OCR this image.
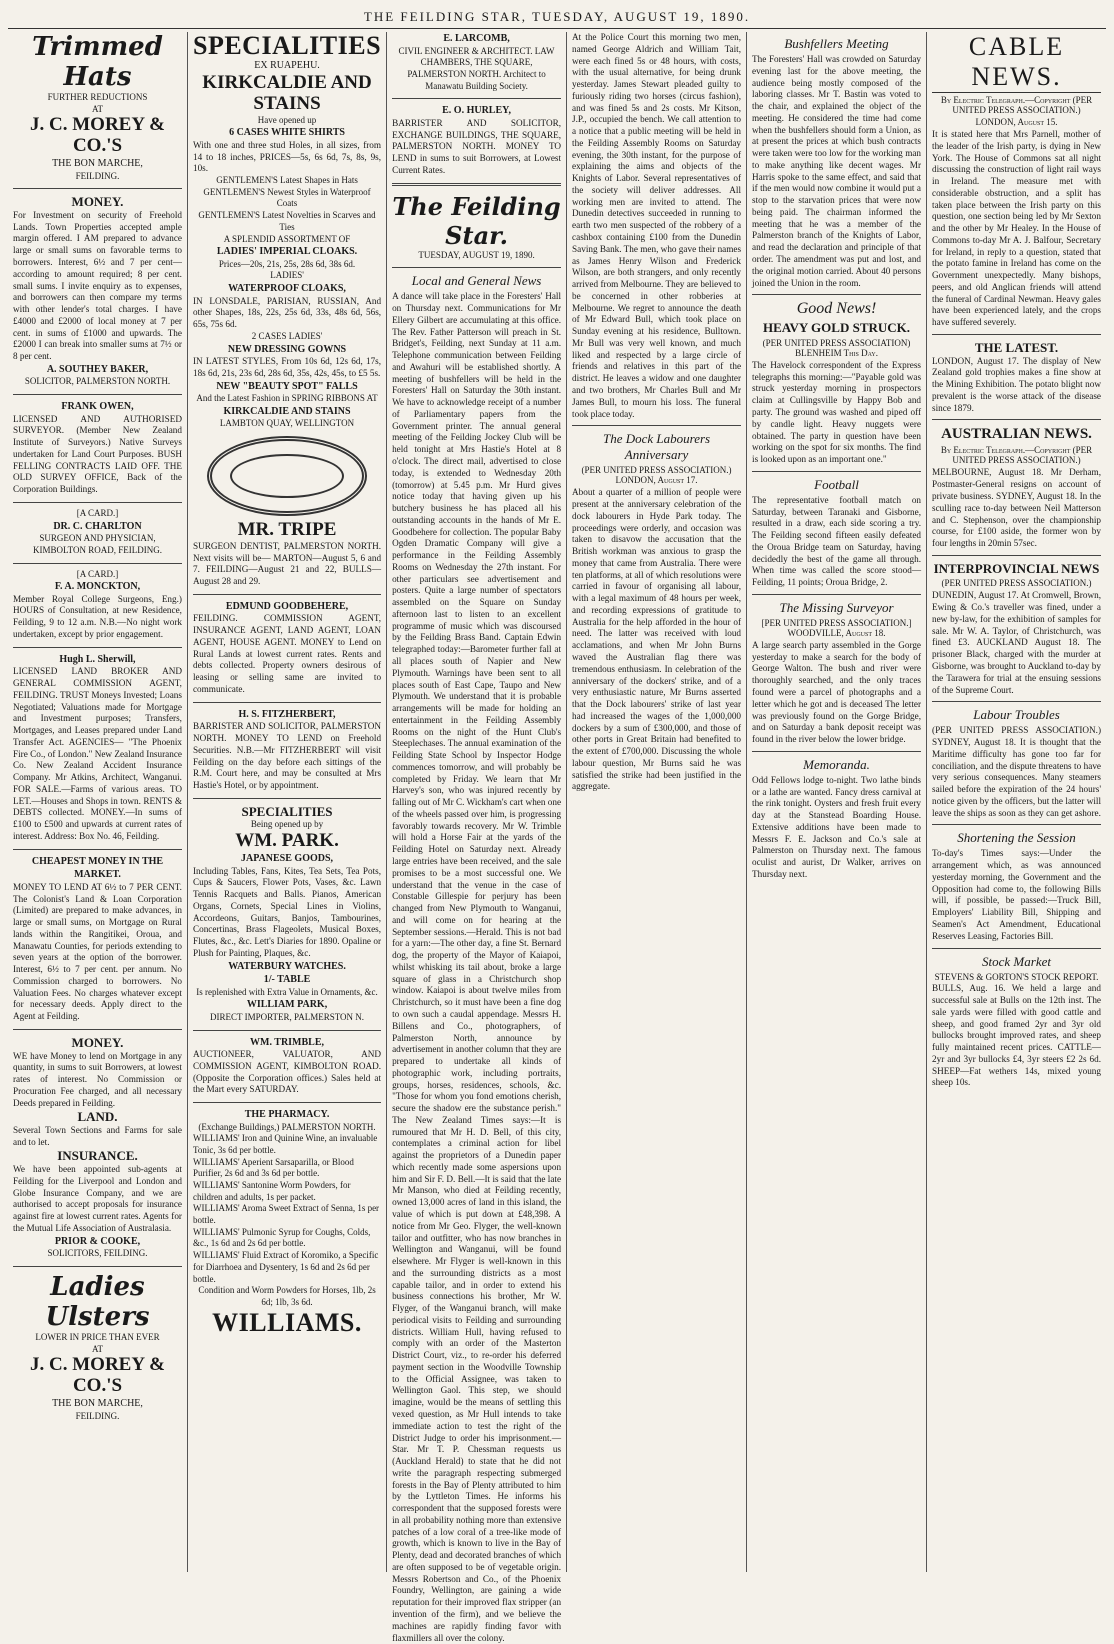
THE FEILDING STAR, TUESDAY, AUGUST 19, 1890.
Trimmed Hats
FURTHER REDUCTIONS
AT
J. C. MOREY & CO.'S
THE BON MARCHE,
FEILDING.
MONEY.
For Investment on security of Freehold Lands. Town Properties accepted ample margin offered. I AM prepared to advance large or small sums on favorable terms to borrowers. Interest, 6½ and 7 per cent—according to amount required; 8 per cent. small sums. I invite enquiry as to expenses, and borrowers can then compare my terms with other lender's total charges. I have £4000 and £2000 of local money at 7 per cent. in sums of £1000 and upwards. The £2000 I can break into smaller sums at 7½ or 8 per cent.
A. SOUTHEY BAKER,
SOLICITOR, PALMERSTON NORTH.
FRANK OWEN,
LICENSED AND AUTHORISED SURVEYOR. (Member New Zealand Institute of Surveyors.) Native Surveys undertaken for Land Court Purposes. BUSH FELLING CONTRACTS LAID OFF. THE OLD SURVEY OFFICE, Back of the Corporation Buildings.
[A CARD.]
DR. C. CHARLTON
SURGEON AND PHYSICIAN, KIMBOLTON ROAD, FEILDING.
[A CARD.]
F. A. MONCKTON,
Member Royal College Surgeons, Eng.) HOURS of Consultation, at new Residence, Feilding, 9 to 12 a.m. N.B.—No night work undertaken, except by prior engagement.
Hugh L. Sherwill,
LICENSED LAND BROKER AND GENERAL COMMISSION AGENT, FEILDING. TRUST Moneys Invested; Loans Negotiated; Valuations made for Mortgage and Investment purposes; Transfers, Mortgages, and Leases prepared under Land Transfer Act. AGENCIES— "The Phoenix Fire Co., of London." New Zealand Insurance Co. New Zealand Accident Insurance Company. Mr Atkins, Architect, Wanganui. FOR SALE.—Farms of various areas. TO LET.—Houses and Shops in town. RENTS & DEBTS collected. MONEY.—In sums of £100 to £500 and upwards at current rates of interest. Address: Box No. 46, Feilding.
CHEAPEST MONEY IN THE MARKET.
MONEY TO LEND AT 6½ to 7 PER CENT. The Colonist's Land & Loan Corporation (Limited) are prepared to make advances, in large or small sums, on Mortgage on Rural lands within the Rangitikei, Oroua, and Manawatu Counties, for periods extending to seven years at the option of the borrower. Interest, 6½ to 7 per cent. per annum. No Commission charged to borrowers. No Valuation Fees. No charges whatever except for necessary deeds. Apply direct to the Agent at Feilding.
MONEY.
WE have Money to lend on Mortgage in any quantity, in sums to suit Borrowers, at lowest rates of interest. No Commission or Procuration Fee charged, and all necessary Deeds prepared in Feilding.
LAND.
Several Town Sections and Farms for sale and to let.
INSURANCE.
We have been appointed sub-agents at Feilding for the Liverpool and London and Globe Insurance Company, and we are authorised to accept proposals for insurance against fire at lowest current rates. Agents for the Mutual Life Association of Australasia.
PRIOR & COOKE,
SOLICITORS, FEILDING.
Ladies Ulsters
LOWER IN PRICE THAN EVER
AT
J. C. MOREY & CO.'S
THE BON MARCHE,
FEILDING.
SPECIALITIES
EX RUAPEHU.
KIRKCALDIE AND STAINS
Have opened up
6 CASES WHITE SHIRTS
With one and three stud Holes, in all sizes, from 14 to 18 inches, PRICES—5s, 6s 6d, 7s, 8s, 9s, 10s.
GENTLEMEN'S Latest Shapes in Hats
GENTLEMEN'S Newest Styles in Waterproof Coats
GENTLEMEN'S Latest Novelties in Scarves and Ties
A SPLENDID ASSORTMENT OF
LADIES' IMPERIAL CLOAKS.
Prices—20s, 21s, 25s, 28s 6d, 38s 6d.
LADIES'
WATERPROOF CLOAKS,
IN LONSDALE, PARISIAN, RUSSIAN, And other Shapes, 18s, 22s, 25s 6d, 33s, 48s 6d, 56s, 65s, 75s 6d.
2 CASES LADIES'
NEW DRESSING GOWNS
IN LATEST STYLES, From 10s 6d, 12s 6d, 17s, 18s 6d, 21s, 23s 6d, 28s 6d, 35s, 42s, 45s, to £5 5s.
NEW "BEAUTY SPOT" FALLS
And the Latest Fashion in SPRING RIBBONS AT
KIRKCALDIE AND STAINS
LAMBTON QUAY, WELLINGTON
MR. TRIPE
SURGEON DENTIST, PALMERSTON NORTH. Next visits will be— MARTON—August 5, 6 and 7. FEILDING—August 21 and 22, BULLS—August 28 and 29.
EDMUND GOODBEHERE,
FEILDING. COMMISSION AGENT, INSURANCE AGENT, LAND AGENT, LOAN AGENT, HOUSE AGENT. MONEY to Lend on Rural Lands at lowest current rates. Rents and debts collected. Property owners desirous of leasing or selling same are invited to communicate.
H. S. FITZHERBERT,
BARRISTER AND SOLICITOR, PALMERSTON NORTH. MONEY TO LEND on Freehold Securities. N.B.—Mr FITZHERBERT will visit Feilding on the day before each sittings of the R.M. Court here, and may be consulted at Mrs Hastie's Hotel, or by appointment.
SPECIALITIES
Being opened up by
WM. PARK.
JAPANESE GOODS,
Including Tables, Fans, Kites, Tea Sets, Tea Pots, Cups & Saucers, Flower Pots, Vases, &c. Lawn Tennis Racquets and Balls. Pianos, American Organs, Cornets, Special Lines in Violins, Accordeons, Guitars, Banjos, Tambourines, Concertinas, Brass Flageolets, Musical Boxes, Flutes, &c., &c. Lett's Diaries for 1890. Opaline or Plush for Painting, Plaques, &c.
WATERBURY WATCHES.
1/- TABLE
Is replenished with Extra Value in Ornaments, &c.
WILLIAM PARK,
DIRECT IMPORTER, PALMERSTON N.
WM. TRIMBLE,
AUCTIONEER, VALUATOR, AND COMMISSION AGENT, KIMBOLTON ROAD. (Opposite the Corporation offices.) Sales held at the Mart every SATURDAY.
THE PHARMACY.
(Exchange Buildings,) PALMERSTON NORTH.
WILLIAMS' Iron and Quinine Wine, an invaluable Tonic, 3s 6d per bottle.
WILLIAMS' Aperient Sarsaparilla, or Blood Purifier, 2s 6d and 3s 6d per bottle.
WILLIAMS' Santonine Worm Powders, for children and adults, 1s per packet.
WILLIAMS' Aroma Sweet Extract of Senna, 1s per bottle.
WILLIAMS' Pulmonic Syrup for Coughs, Colds, &c., 1s 6d and 2s 6d per bottle.
WILLIAMS' Fluid Extract of Koromiko, a Specific for Diarrhoea and Dysentery, 1s 6d and 2s 6d per bottle.
Condition and Worm Powders for Horses, 1lb, 2s 6d; 1lb, 3s 6d.
WILLIAMS.
E. LARCOMB,
CIVIL ENGINEER & ARCHITECT. LAW CHAMBERS, THE SQUARE, PALMERSTON NORTH. Architect to Manawatu Building Society.
E. O. HURLEY,
BARRISTER AND SOLICITOR, EXCHANGE BUILDINGS, THE SQUARE, PALMERSTON NORTH. MONEY TO LEND in sums to suit Borrowers, at Lowest Current Rates.
The Feilding Star.
TUESDAY, AUGUST 19, 1890.
Local and General News
A dance will take place in the Foresters' Hall on Thursday next. Communications for Mr Ellery Gilbert are accumulating at this office. The Rev. Father Patterson will preach in St. Bridget's, Feilding, next Sunday at 11 a.m. Telephone communication between Feilding and Awahuri will be established shortly. A meeting of bushfellers will be held in the Foresters' Hall on Saturday the 30th instant. We have to acknowledge receipt of a number of Parliamentary papers from the Government printer. The annual general meeting of the Feilding Jockey Club will be held tonight at Mrs Hastie's Hotel at 8 o'clock. The direct mail, advertised to close today, is extended to Wednesday 20th (tomorrow) at 5.45 p.m. Mr Hurd gives notice today that having given up his butchery business he has placed all his outstanding accounts in the hands of Mr E. Goodbehere for collection. The popular Baby Ogden Dramatic Company will give a performance in the Feilding Assembly Rooms on Wednesday the 27th instant. For other particulars see advertisement and posters. Quite a large number of spectators assembled on the Square on Sunday afternoon last to listen to an excellent programme of music which was discoursed by the Feilding Brass Band. Captain Edwin telegraphed today:—Barometer further fall at all places south of Napier and New Plymouth. Warnings have been sent to all places south of East Cape, Taupo and New Plymouth. We understand that it is probable arrangements will be made for holding an entertainment in the Feilding Assembly Rooms on the night of the Hunt Club's Steeplechases. The annual examination of the Feilding State School by Inspector Hodge commences tomorrow, and will probably be completed by Friday. We learn that Mr Harvey's son, who was injured recently by falling out of Mr C. Wickham's cart when one of the wheels passed over him, is progressing favorably towards recovery. Mr W. Trimble will hold a Horse Fair at the yards of the Feilding Hotel on Saturday next. Already large entries have been received, and the sale promises to be a most successful one. We understand that the venue in the case of Constable Gillespie for perjury has been changed from New Plymouth to Wanganui, and will come on for hearing at the September sessions.—Herald. This is not bad for a yarn:—The other day, a fine St. Bernard dog, the property of the Mayor of Kaiapoi, whilst whisking its tail about, broke a large square of glass in a Christchurch shop window. Kaiapoi is about twelve miles from Christchurch, so it must have been a fine dog to own such a caudal appendage. Messrs H. Billens and Co., photographers, of Palmerston North, announce by advertisement in another column that they are prepared to undertake all kinds of photographic work, including portraits, groups, horses, residences, schools, &c. "Those for whom you fond emotions cherish, secure the shadow ere the substance perish." The New Zealand Times says:—It is rumoured that Mr H. D. Bell, of this city, contemplates a criminal action for libel against the proprietors of a Dunedin paper which recently made some aspersions upon him and Sir F. D. Bell.—It is said that the late Mr Manson, who died at Feilding recently, owned 13,000 acres of land in this island, the value of which is put down at £48,398. A notice from Mr Geo. Flyger, the well-known tailor and outfitter, who has now branches in Wellington and Wanganui, will be found elsewhere. Mr Flyger is well-known in this and the surrounding districts as a most capable tailor, and in order to extend his business connections his brother, Mr W. Flyger, of the Wanganui branch, will make periodical visits to Feilding and surrounding districts. William Hull, having refused to comply with an order of the Masterton District Court, viz., to re-order his deferred payment section in the Woodville Township to the Official Assignee, was taken to Wellington Gaol. This step, we should imagine, would be the means of settling this vexed question, as Mr Hull intends to take immediate action to test the right of the District Judge to order his imprisonment.—Star. Mr T. P. Chessman requests us (Auckland Herald) to state that he did not write the paragraph respecting submerged forests in the Bay of Plenty attributed to him by the Lyttleton Times. He informs his correspondent that the supposed forests were in all probability nothing more than extensive patches of a low coral of a tree-like mode of growth, which is known to live in the Bay of Plenty, dead and decorated branches of which are often supposed to be of vegetable origin. Messrs Robertson and Co., of the Phoenix Foundry, Wellington, are gaining a wide reputation for their improved flax stripper (an invention of the firm), and we believe the machines are rapidly finding favor with flaxmillers all over the colony.
At the Police Court this morning two men, named George Aldrich and William Tait, were each fined 5s or 48 hours, with costs, with the usual alternative, for being drunk yesterday. James Stewart pleaded guilty to furiously riding two horses (circus fashion), and was fined 5s and 2s costs. Mr Kitson, J.P., occupied the bench. We call attention to a notice that a public meeting will be held in the Feilding Assembly Rooms on Saturday evening, the 30th instant, for the purpose of explaining the aims and objects of the Knights of Labor. Several representatives of the society will deliver addresses. All working men are invited to attend. The Dunedin detectives succeeded in running to earth two men suspected of the robbery of a cashbox containing £100 from the Dunedin Saving Bank. The men, who gave their names as James Henry Wilson and Frederick Wilson, are both strangers, and only recently arrived from Melbourne. They are believed to be concerned in other robberies at Melbourne. We regret to announce the death of Mr Edward Bull, which took place on Sunday evening at his residence, Bulltown. Mr Bull was very well known, and much liked and respected by a large circle of friends and relatives in this part of the district. He leaves a widow and one daughter and two brothers, Mr Charles Bull and Mr James Bull, to mourn his loss. The funeral took place today.
The Dock Labourers Anniversary
(PER UNITED PRESS ASSOCIATION.) LONDON, August 17.
About a quarter of a million of people were present at the anniversary celebration of the dock labourers in Hyde Park today. The proceedings were orderly, and occasion was taken to disavow the accusation that the British workman was anxious to grasp the money that came from Australia. There were ten platforms, at all of which resolutions were carried in favour of organising all labour, with a legal maximum of 48 hours per week, and recording expressions of gratitude to Australia for the help afforded in the hour of need. The latter was received with loud acclamations, and when Mr John Burns waved the Australian flag there was tremendous enthusiasm. In celebration of the anniversary of the dockers' strike, and of a very enthusiastic nature, Mr Burns asserted that the Dock labourers' strike of last year had increased the wages of the 1,000,000 dockers by a sum of £300,000, and those of other ports in Great Britain had benefited to the extent of £700,000. Discussing the whole labour question, Mr Burns said he was satisfied the strike had been justified in the aggregate.
Bushfellers Meeting
The Foresters' Hall was crowded on Saturday evening last for the above meeting, the audience being mostly composed of the laboring classes. Mr T. Bastin was voted to the chair, and explained the object of the meeting. He considered the time had come when the bushfellers should form a Union, as at present the prices at which bush contracts were taken were too low for the working man to make anything like decent wages. Mr Harris spoke to the same effect, and said that if the men would now combine it would put a stop to the starvation prices that were now being paid. The chairman informed the meeting that he was a member of the Palmerston branch of the Knights of Labor, and read the declaration and principle of that order. The amendment was put and lost, and the original motion carried. About 40 persons joined the Union in the room.
Good News!
HEAVY GOLD STRUCK.
(PER UNITED PRESS ASSOCIATION) BLENHEIM This Day.
The Havelock correspondent of the Express telegraphs this morning:—"Payable gold was struck yesterday morning in prospectors claim at Cullingsville by Happy Bob and party. The ground was washed and piped off by candle light. Heavy nuggets were obtained. The party in question have been working on the spot for six months. The find is looked upon as an important one."
Football
The representative football match on Saturday, between Taranaki and Gisborne, resulted in a draw, each side scoring a try. The Feilding second fifteen easily defeated the Oroua Bridge team on Saturday, having decidedly the best of the game all through. When time was called the score stood—Feilding, 11 points; Oroua Bridge, 2.
The Missing Surveyor
[PER UNITED PRESS ASSOCIATION.] WOODVILLE, August 18.
A large search party assembled in the Gorge yesterday to make a search for the body of George Walton. The bush and river were thoroughly searched, and the only traces found were a parcel of photographs and a letter which he got and is deceased The letter was previously found on the Gorge Bridge, and on Saturday a bank deposit receipt was found in the river below the lower bridge.
Memoranda.
Odd Fellows lodge to-night. Two lathe binds or a lathe are wanted. Fancy dress carnival at the rink tonight. Oysters and fresh fruit every day at the Stanstead Boarding House. Extensive additions have been made to Messrs F. E. Jackson and Co.'s sale at Palmerston on Thursday next. The famous oculist and aurist, Dr Walker, arrives on Thursday next.
CABLE NEWS.
By Electric Telegraph.—Copyright (PER UNITED PRESS ASSOCIATION.)
LONDON, August 15.
It is stated here that Mrs Parnell, mother of the leader of the Irish party, is dying in New York. The House of Commons sat all night discussing the construction of light rail ways in Ireland. The measure met with considerable obstruction, and a split has taken place between the Irish party on this question, one section being led by Mr Sexton and the other by Mr Healey. In the House of Commons to-day Mr A. J. Balfour, Secretary for Ireland, in reply to a question, stated that the potato famine in Ireland has come on the Government unexpectedly. Many bishops, peers, and old Anglican friends will attend the funeral of Cardinal Newman. Heavy gales have been experienced lately, and the crops have suffered severely.
THE LATEST.
LONDON, August 17. The display of New Zealand gold trophies makes a fine show at the Mining Exhibition. The potato blight now prevalent is the worse attack of the disease since 1879.
AUSTRALIAN NEWS.
By Electric Telegraph.—Copyright (PER UNITED PRESS ASSOCIATION.)
MELBOURNE, August 18. Mr Derham, Postmaster-General resigns on account of private business. SYDNEY, August 18. In the sculling race to-day between Neil Matterson and C. Stephenson, over the championship course, for £100 aside, the former won by four lengths in 20min 57sec.
INTERPROVINCIAL NEWS
(PER UNITED PRESS ASSOCIATION.)
DUNEDIN, August 17. At Cromwell, Brown, Ewing & Co.'s traveller was fined, under a new by-law, for the exhibition of samples for sale. Mr W. A. Taylor, of Christchurch, was fined £3. AUCKLAND August 18. The prisoner Black, charged with the murder at Gisborne, was brought to Auckland to-day by the Tarawera for trial at the ensuing sessions of the Supreme Court.
Labour Troubles
(PER UNITED PRESS ASSOCIATION.) SYDNEY, August 18. It is thought that the Maritime difficulty has gone too far for conciliation, and the dispute threatens to have very serious consequences. Many steamers sailed before the expiration of the 24 hours' notice given by the officers, but the latter will leave the ships as soon as they can get ashore.
Shortening the Session
To-day's Times says:—Under the arrangement which, as was announced yesterday morning, the Government and the Opposition had come to, the following Bills will, if possible, be passed:—Truck Bill, Employers' Liability Bill, Shipping and Seamen's Act Amendment, Educational Reserves Leasing, Factories Bill.
Stock Market
STEVENS & GORTON'S STOCK REPORT.
BULLS, Aug. 16. We held a large and successful sale at Bulls on the 12th inst. The sale yards were filled with good cattle and sheep, and good framed 2yr and 3yr old bullocks brought improved rates, and sheep fully maintained recent prices. CATTLE—2yr and 3yr bullocks £4, 3yr steers £2 2s 6d. SHEEP—Fat wethers 14s, mixed young sheep 10s.
